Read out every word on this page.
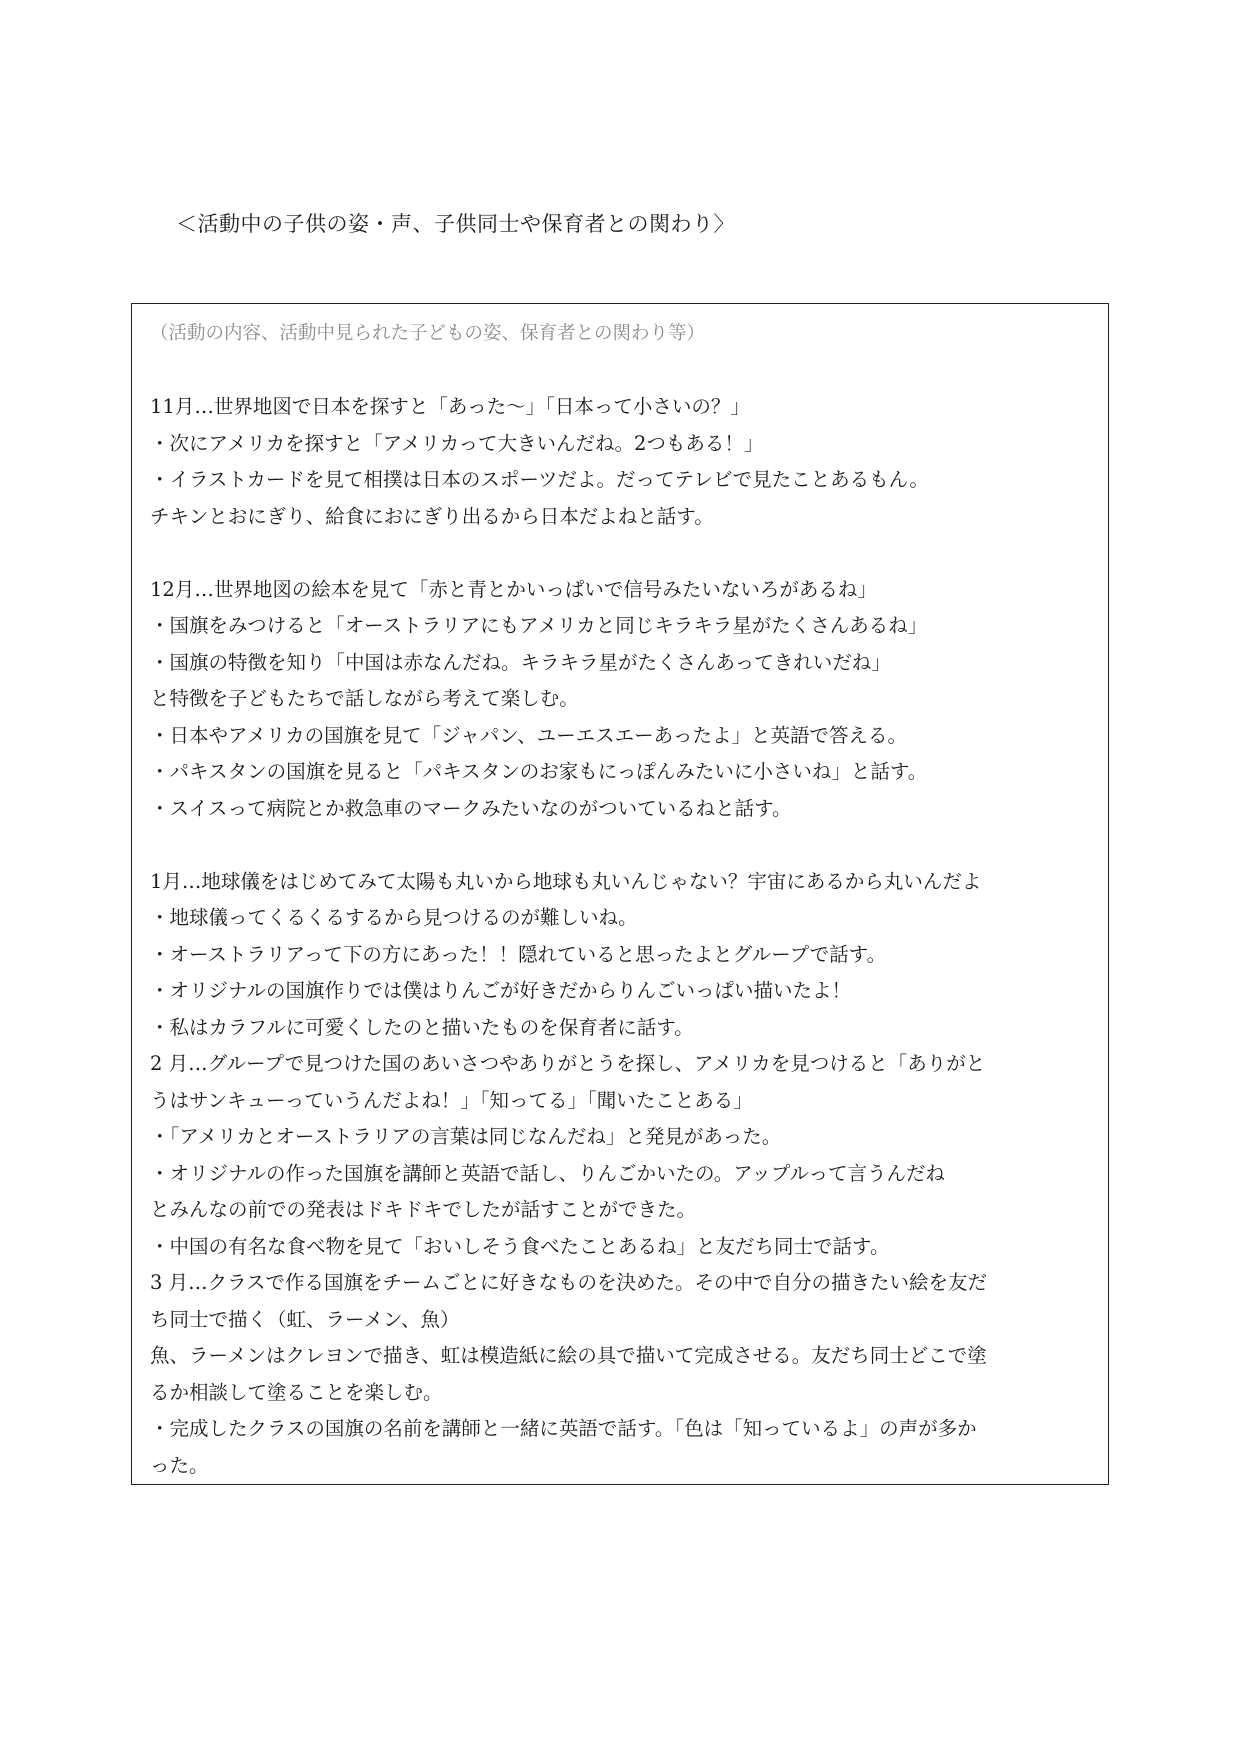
＜活動中の子供の姿・声、子供同士や保育者との関わり〉
（活動の内容、活動中見られた子どもの姿、保育者との関わり等）
11月…世界地図で日本を探すと「あった～」「日本って小さいの？」
・次にアメリカを探すと「アメリカって大きいんだね。2つもある！」
・イラストカードを見て相撲は日本のスポーツだよ。だってテレビで見たことあるもん。
チキンとおにぎり、給食におにぎり出るから日本だよねと話す。
12月…世界地図の絵本を見て「赤と青とかいっぱいで信号みたいないろがあるね」
・国旗をみつけると「オーストラリアにもアメリカと同じキラキラ星がたくさんあるね」
・国旗の特徴を知り「中国は赤なんだね。キラキラ星がたくさんあってきれいだね」
と特徴を子どもたちで話しながら考えて楽しむ。
・日本やアメリカの国旗を見て「ジャパン、ユーエスエーあったよ」と英語で答える。
・パキスタンの国旗を見ると「パキスタンのお家もにっぽんみたいに小さいね」と話す。
・スイスって病院とか救急車のマークみたいなのがついているねと話す。
1月…地球儀をはじめてみて太陽も丸いから地球も丸いんじゃない？宇宙にあるから丸いんだよ
・地球儀ってくるくるするから見つけるのが難しいね。
・オーストラリアって下の方にあった！！隠れていると思ったよとグループで話す。
・オリジナルの国旗作りでは僕はりんごが好きだからりんごいっぱい描いたよ！
・私はカラフルに可愛くしたのと描いたものを保育者に話す。
2 月…グループで見つけた国のあいさつやありがとうを探し、アメリカを見つけると「ありがと
うはサンキューっていうんだよね！」「知ってる」「聞いたことある」
・「アメリカとオーストラリアの言葉は同じなんだね」と発見があった。
・オリジナルの作った国旗を講師と英語で話し、りんごかいたの。アップルって言うんだね
とみんなの前での発表はドキドキでしたが話すことができた。
・中国の有名な食べ物を見て「おいしそう食べたことあるね」と友だち同士で話す。
3 月…クラスで作る国旗をチームごとに好きなものを決めた。その中で自分の描きたい絵を友だ
ち同士で描く（虹、ラーメン、魚）
魚、ラーメンはクレヨンで描き、虹は模造紙に絵の具で描いて完成させる。友だち同士どこで塗
るか相談して塗ることを楽しむ。
・完成したクラスの国旗の名前を講師と一緒に英語で話す。「色は「知っているよ」の声が多か
った。
